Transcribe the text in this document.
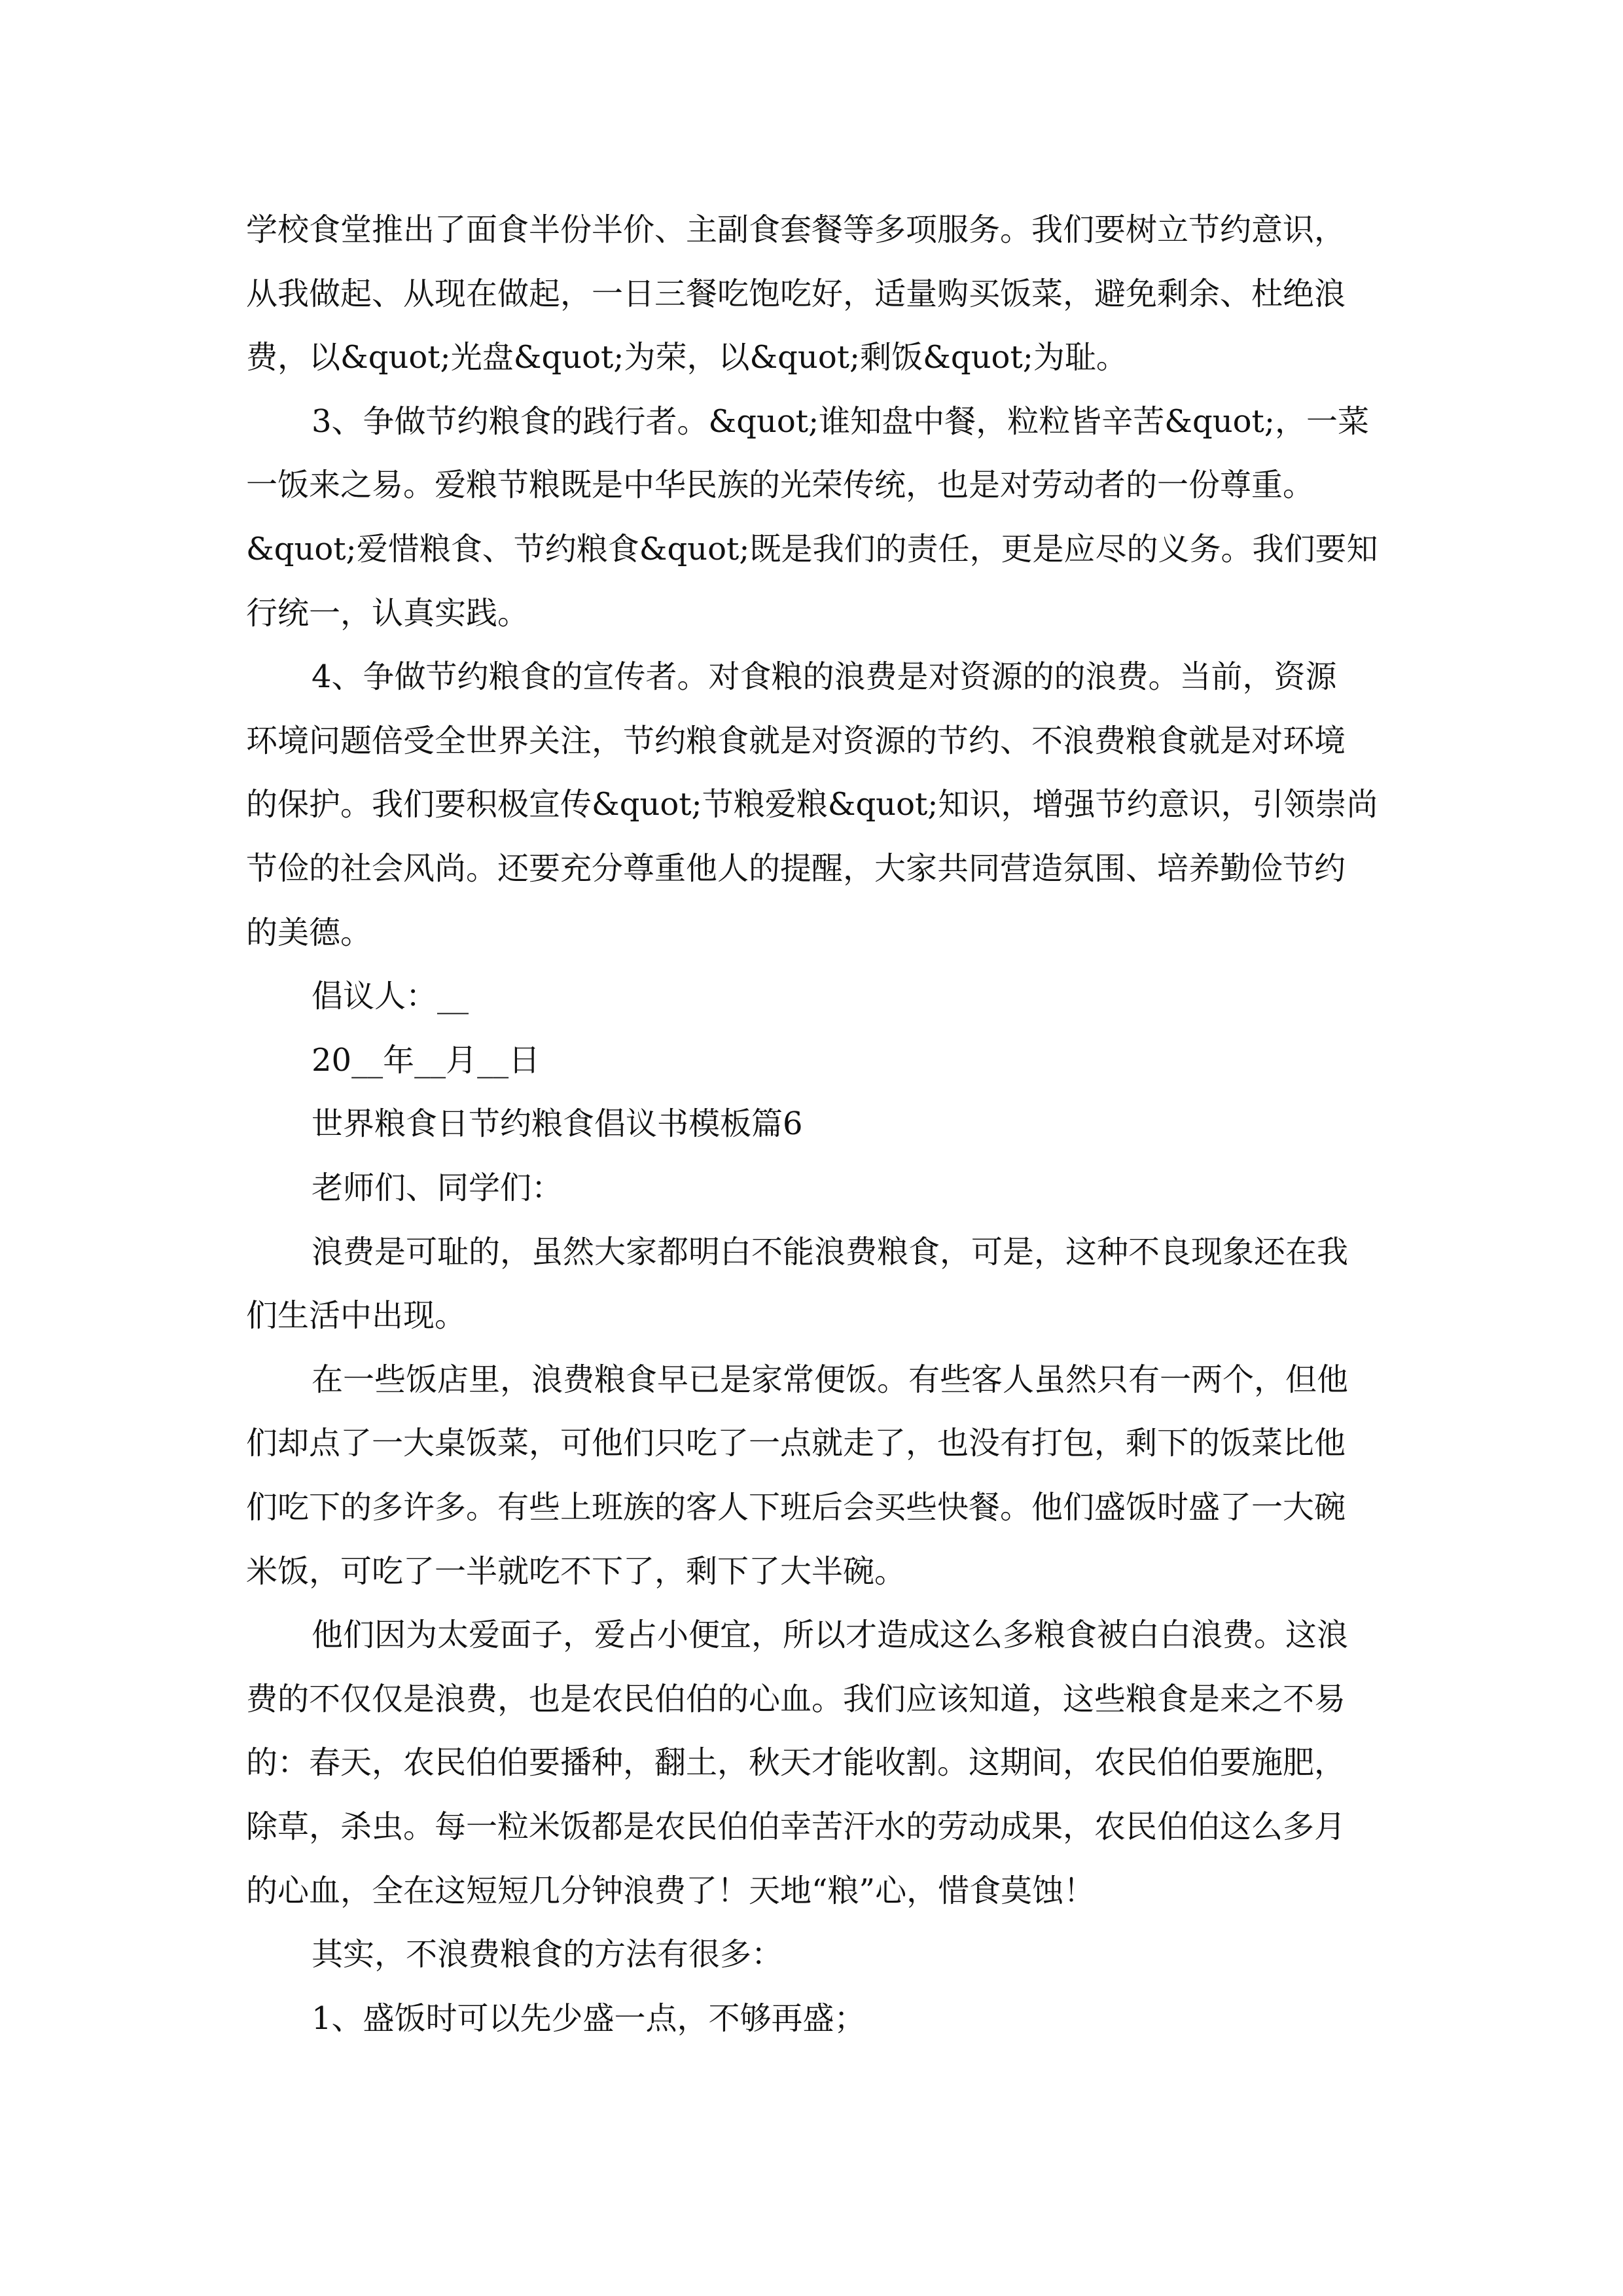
学校食堂推出了面食半份半价、主副食套餐等多项服务。我们要树立节约意识，
从我做起、从现在做起，一日三餐吃饱吃好，适量购买饭菜，避免剩余、杜绝浪
费，以&quot;光盘&quot;为荣，以&quot;剩饭&quot;为耻。
3、争做节约粮食的践行者。&quot;谁知盘中餐，粒粒皆辛苦&quot;，一菜
一饭来之易。爱粮节粮既是中华民族的光荣传统，也是对劳动者的一份尊重。
&quot;爱惜粮食、节约粮食&quot;既是我们的责任，更是应尽的义务。我们要知
行统一，认真实践。
4、争做节约粮食的宣传者。对食粮的浪费是对资源的的浪费。当前，资源
环境问题倍受全世界关注，节约粮食就是对资源的节约、不浪费粮食就是对环境
的保护。我们要积极宣传&quot;节粮爱粮&quot;知识，增强节约意识，引领崇尚
节俭的社会风尚。还要充分尊重他人的提醒，大家共同营造氛围、培养勤俭节约
的美德。
倡议人：__
20__年__月__日
世界粮食日节约粮食倡议书模板篇6
老师们、同学们：
浪费是可耻的，虽然大家都明白不能浪费粮食，可是，这种不良现象还在我
们生活中出现。
在一些饭店里，浪费粮食早已是家常便饭。有些客人虽然只有一两个，但他
们却点了一大桌饭菜，可他们只吃了一点就走了，也没有打包，剩下的饭菜比他
们吃下的多许多。有些上班族的客人下班后会买些快餐。他们盛饭时盛了一大碗
米饭，可吃了一半就吃不下了，剩下了大半碗。
他们因为太爱面子，爱占小便宜，所以才造成这么多粮食被白白浪费。这浪
费的不仅仅是浪费，也是农民伯伯的心血。我们应该知道，这些粮食是来之不易
的：春天，农民伯伯要播种，翻土，秋天才能收割。这期间，农民伯伯要施肥，
除草，杀虫。每一粒米饭都是农民伯伯幸苦汗水的劳动成果，农民伯伯这么多月
的心血，全在这短短几分钟浪费了！天地“粮”心，惜食莫蚀！
其实，不浪费粮食的方法有很多：
1、盛饭时可以先少盛一点，不够再盛；
